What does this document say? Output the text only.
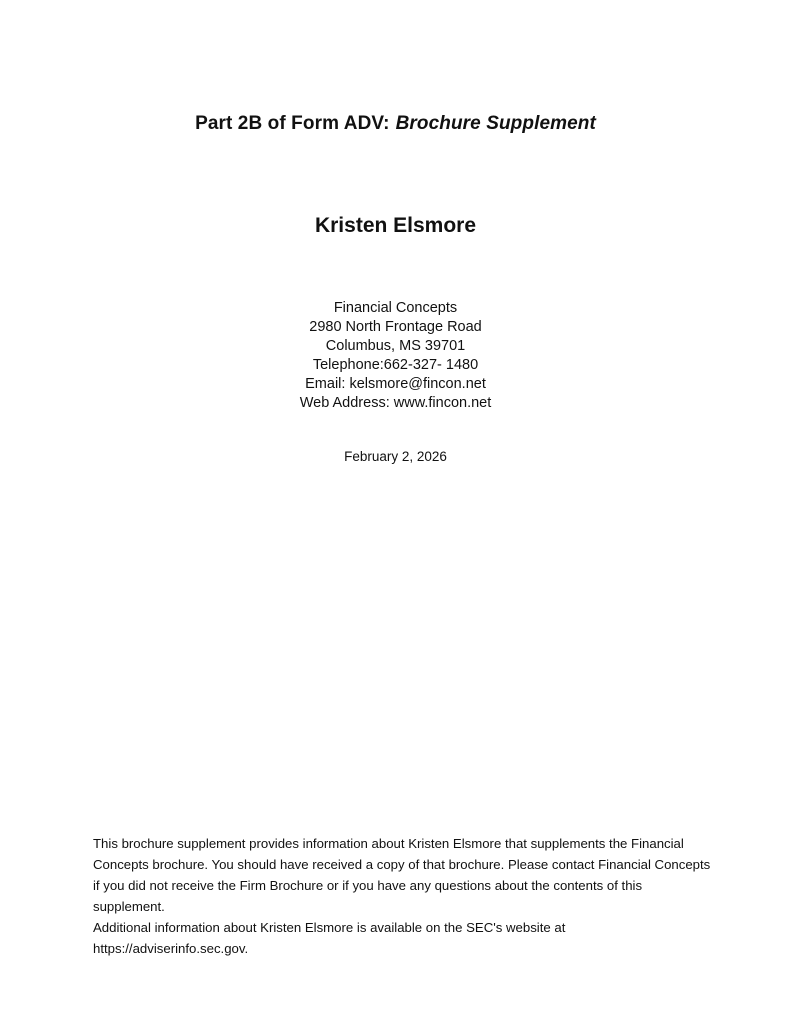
Part 2B of Form ADV: Brochure Supplement
Kristen Elsmore
Financial Concepts
2980 North Frontage Road
Columbus, MS 39701
Telephone:662-327- 1480
Email: kelsmore@fincon.net
Web Address: www.fincon.net
February 2, 2026

This brochure supplement provides information about Kristen Elsmore that supplements the Financial Concepts brochure. You should have received a copy of that brochure. Please contact Financial Concepts if you did not receive the Firm Brochure or if you have any questions about the contents of this supplement.

Additional information about Kristen Elsmore is available on the SEC's website at https://adviserinfo.sec.gov.
